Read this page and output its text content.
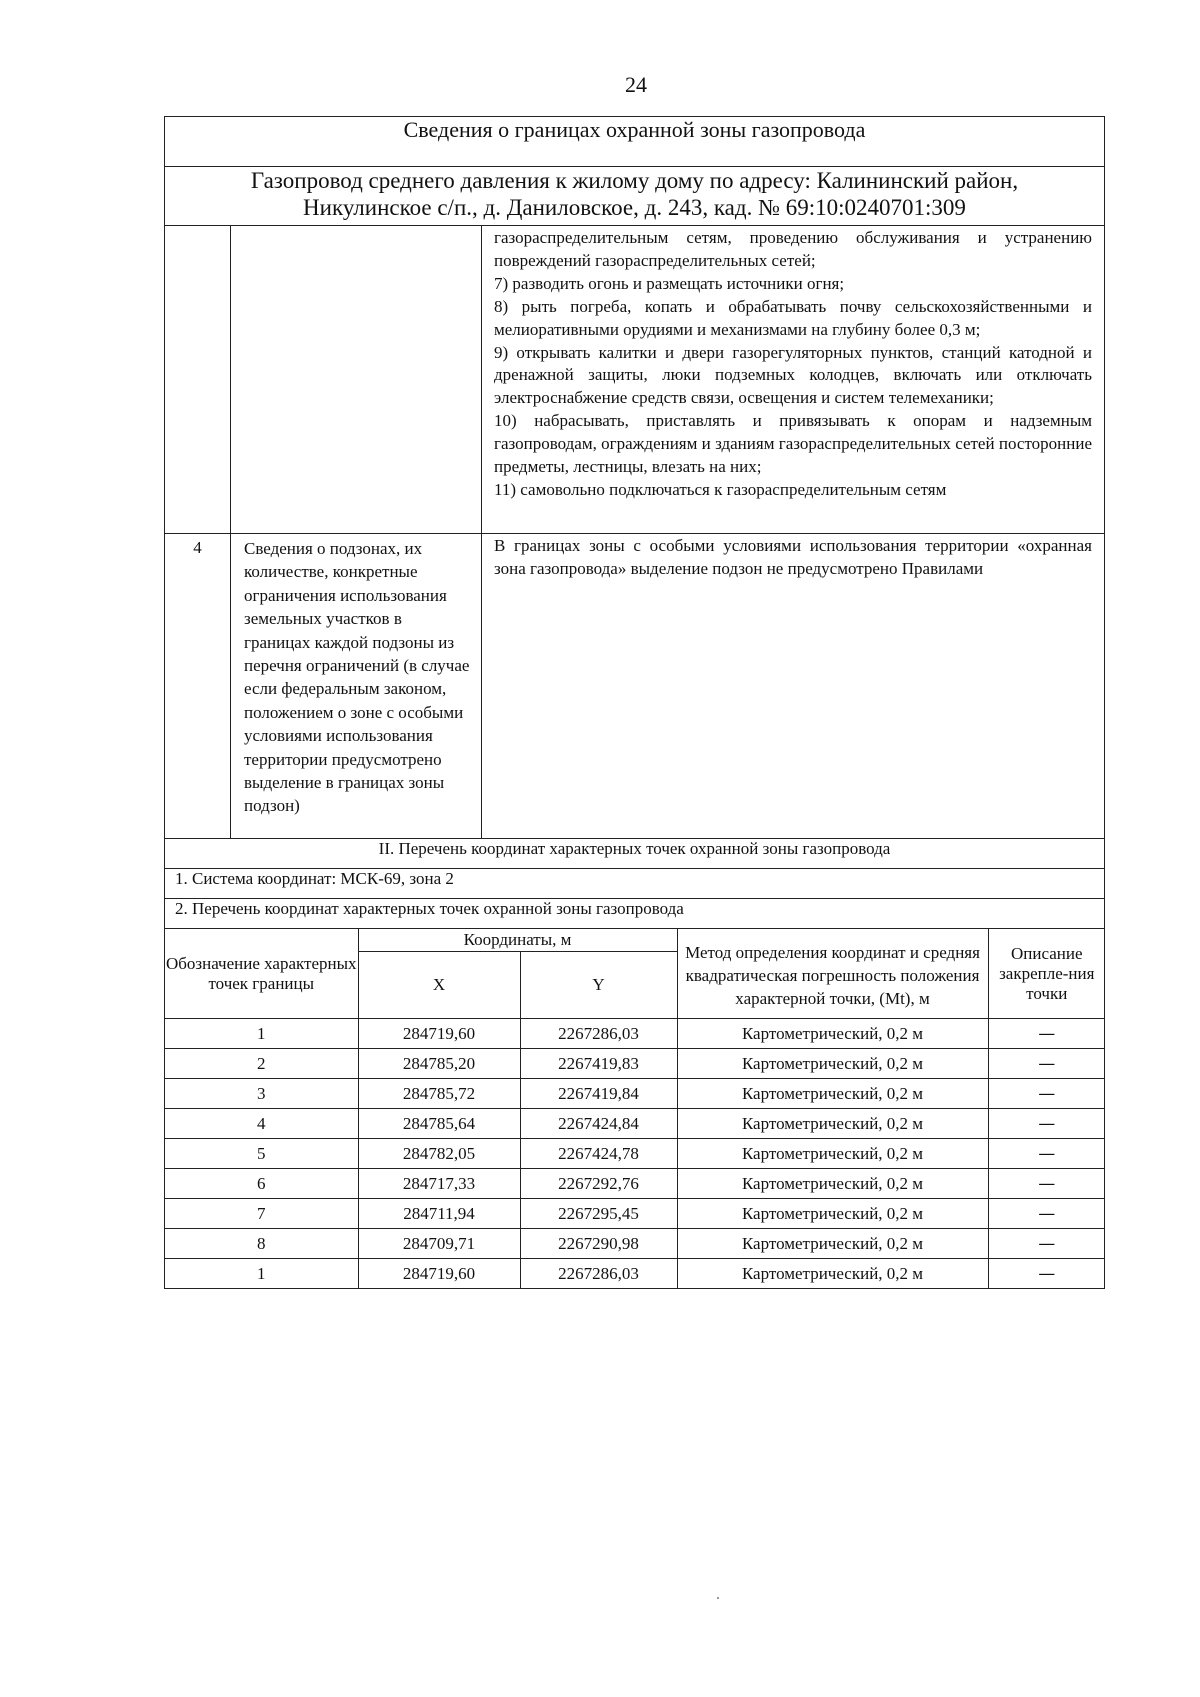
24
Сведения о границах охранной зоны газопровода
Газопровод среднего давления к жилому дому по адресу: Калининский район,
Никулинское с/п., д. Даниловское, д. 243, кад. № 69:10:0240701:309

газораспределительным сетям, проведению обслуживания и устранению повреждений газораспределительных сетей;

7) разводить огонь и размещать источники огня;

8) рыть погреба, копать и обрабатывать почву сельскохозяйственными и мелиоративными орудиями и механизмами на глубину более 0,3 м;

9) открывать калитки и двери газорегуляторных пунктов, станций катодной и дренажной защиты, люки подземных колодцев, включать или отключать электроснабжение средств связи, освещения и систем телемеханики;

10) набрасывать, приставлять и привязывать к опорам и надземным газопроводам, ограждениям и зданиям газораспределительных сетей посторонние предметы, лестницы, влезать на них;

11) самовольно подключаться к газораспределительным сетям

4	Сведения о подзонах, их количестве, конкретные ограничения использования земельных участков в границах каждой подзоны из перечня ограничений (в случае если федеральным законом, положением о зоне с особыми условиями использования территории предусмотрено выделение в границах зоны подзон)	В границах зоны с особыми условиями использования территории «охранная зона газопровода» выделение подзон не предусмотрено Правилами
II. Перечень координат характерных точек охранной зоны газопровода
1. Система координат: МСК-69, зона 2
2. Перечень координат характерных точек охранной зоны газопровода

Обозначение характерных точек границы	Координаты, м	Метод определения координат и средняя квадратическая погрешность положения характерной точки, (Mt), м	Описание закрепле-ния точки
X	Y
1	284719,60	2267286,03	Картометрический, 0,2 м	—
2	284785,20	2267419,83	Картометрический, 0,2 м	—
3	284785,72	2267419,84	Картометрический, 0,2 м	—
4	284785,64	2267424,84	Картометрический, 0,2 м	—
5	284782,05	2267424,78	Картометрический, 0,2 м	—
6	284717,33	2267292,76	Картометрический, 0,2 м	—
7	284711,94	2267295,45	Картометрический, 0,2 м	—
8	284709,71	2267290,98	Картометрический, 0,2 м	—
1	284719,60	2267286,03	Картометрический, 0,2 м	—
